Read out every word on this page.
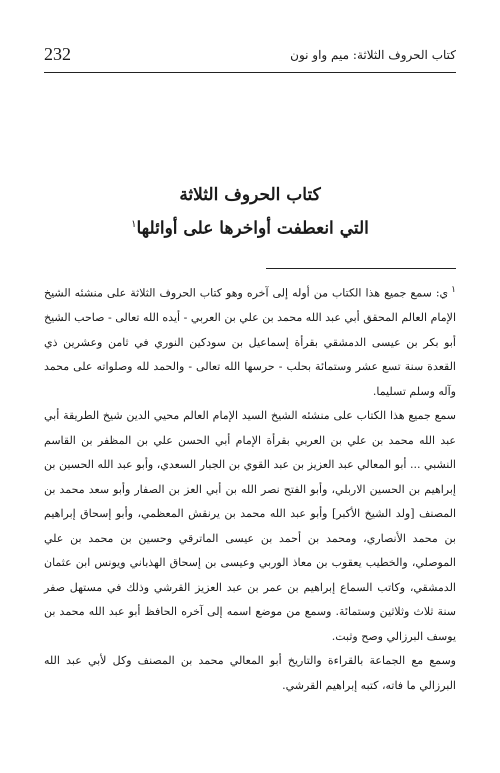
232	كتاب الحروف الثلاثة: ميم واو نون
كتاب الحروف الثلاثة
التي انعطفت أواخرها على أوائلها$^١$

$^١$ي: سمع جميع هذا الكتاب من أوله إلى آخره وهو كتاب الحروف الثلاثة على منشئه الشيخ الإمام العالم المحقق أبي عبد الله محمد بن علي بن العربي - أيده الله تعالى - صاحب الشيخ أبو بكر بن عيسى الدمشقي بقرأة إسماعيل بن سودكين النوري في ثامن وعشرين ذي القعدة سنة تسع عشر وستمائة بحلب - حرسها الله تعالى - والحمد لله وصلواته على محمد وآله وسلم تسليما.

سمع جميع هذا الكتاب على منشئه الشيخ السيد الإمام العالم محيي الدين شيخ الطريقة أبي عبد الله محمد بن علي بن العربي بقرأة الإمام أبي الحسن علي بن المظفر بن القاسم النشبي ... أبو المعالي عبد العزيز بن عبد القوي بن الجبار السعدي، وأبو عبد الله الحسين بن إبراهيم بن الحسين الاربلي، وأبو الفتح نصر الله بن أبي العز بن الصفار وأبو سعد محمد بن المصنف [ولد الشيخ الأكبر] وأبو عبد الله محمد بن يرنقش المعظمي، وأبو إسحاق إبراهيم بن محمد الأنصاري، ومحمد بن أحمد بن عيسى الماترقي وحسين بن محمد بن علي الموصلي، والخطيب يعقوب بن معاذ الوربي وعيسى بن إسحاق الهذباني ويونس ابن عثمان الدمشقي، وكاتب السماع إبراهيم بن عمر بن عبد العزيز القرشي وذلك في مستهل صفر سنة ثلاث وثلاثين وستمائة. وسمع من موضع اسمه إلى آخره الحافظ أبو عبد الله محمد بن يوسف البرزالي وصح وثبت.

وسمع مع الجماعة بالقراءة والتاريخ أبو المعالي محمد بن المصنف وكل لأبي عبد الله البرزالي ما فاته، كتبه إبراهيم القرشي.
